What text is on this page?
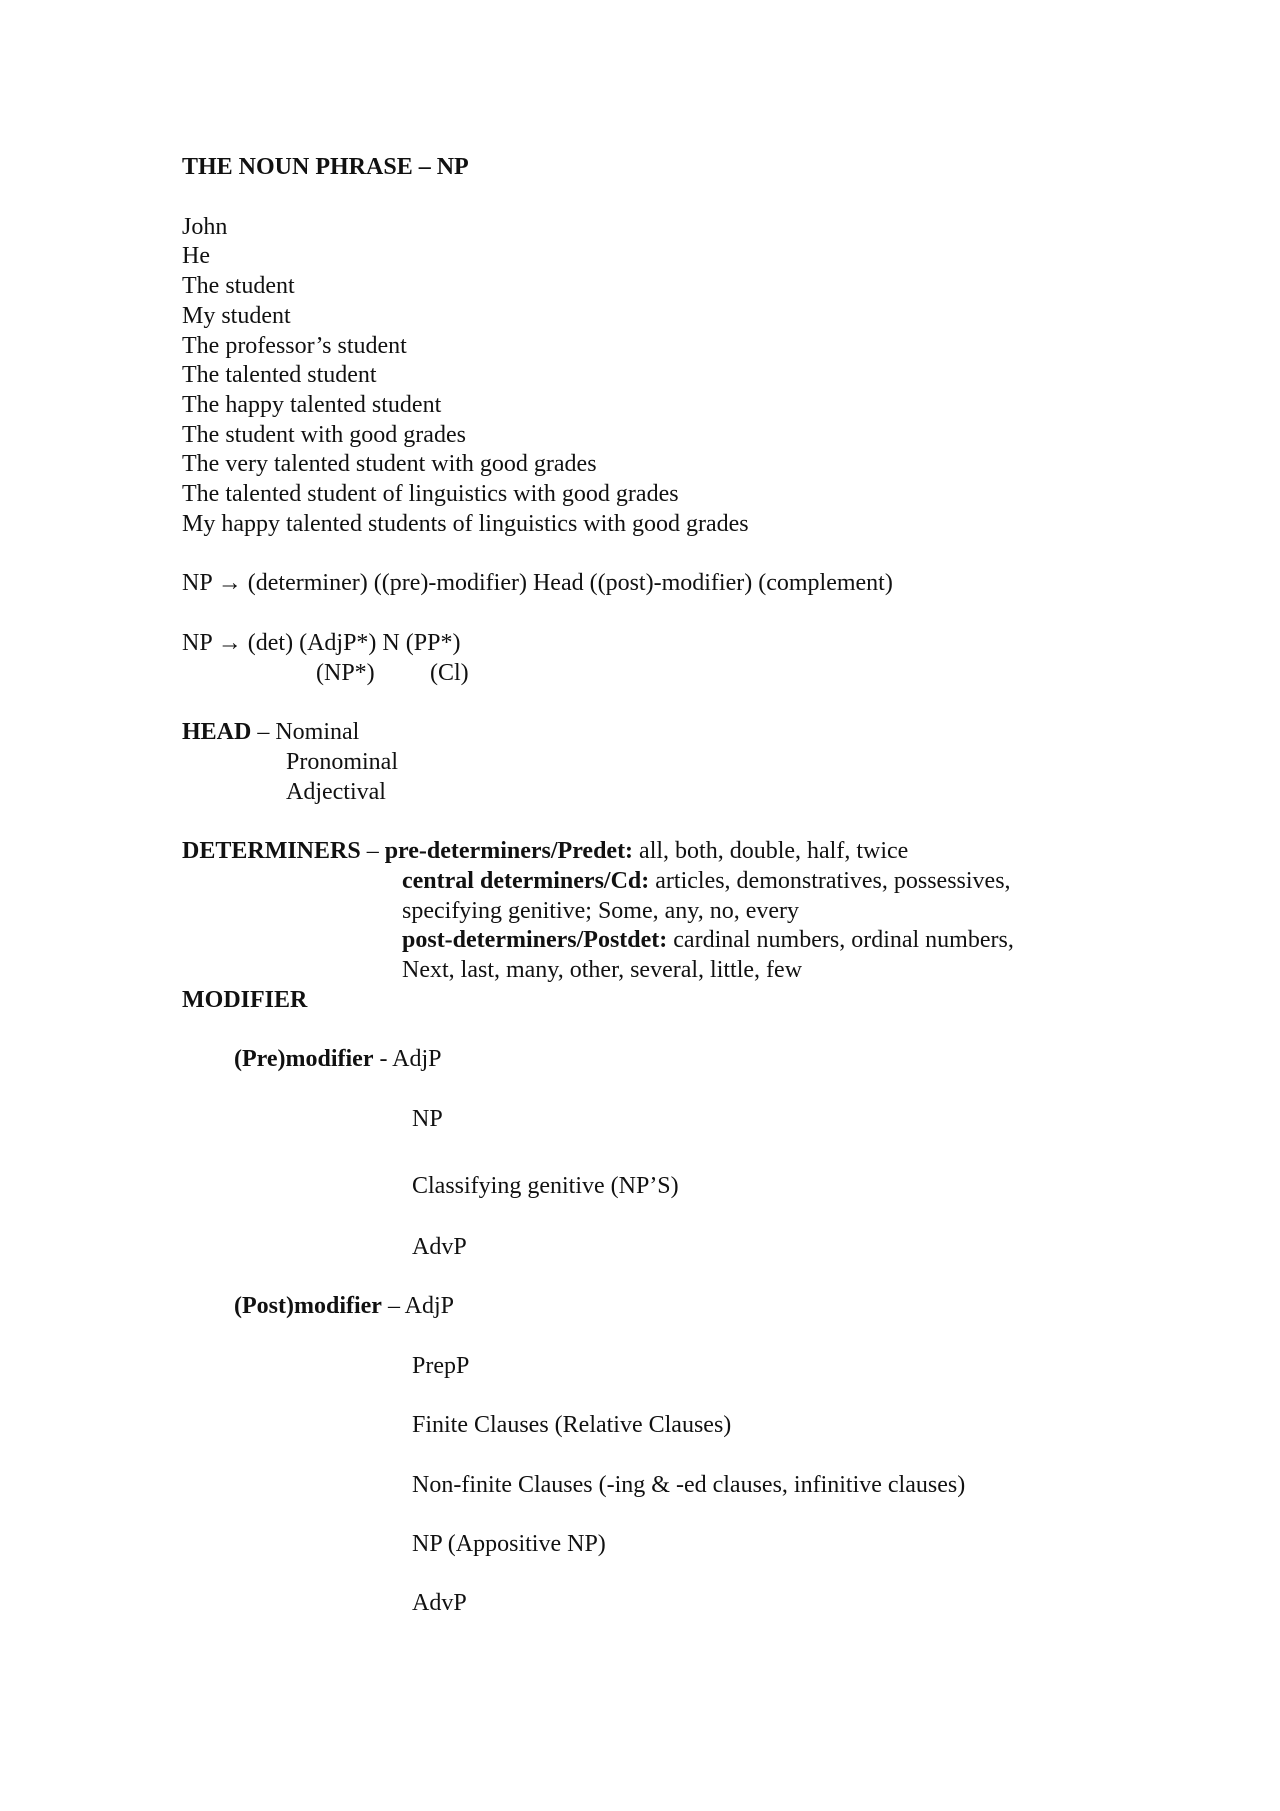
THE NOUN PHRASE – NP
John
He
The student
My student
The professor’s student
The talented student
The happy talented student
The student with good grades
The very talented student with good grades
The talented student of linguistics with good grades
My happy talented students of linguistics with good grades
NP → (determiner) ((pre)-modifier) Head ((post)-modifier) (complement)
NP → (det) (AdjP*) N (PP*)
(NP*) (Cl)
HEAD – Nominal
Pronominal
Adjectival
DETERMINERS – pre-determiners/Predet: all, both, double, half, twice
central determiners/Cd: articles, demonstratives, possessives,
specifying genitive; Some, any, no, every
post-determiners/Postdet: cardinal numbers, ordinal numbers,
Next, last, many, other, several, little, few
MODIFIER
(Pre)modifier - AdjP
NP
Classifying genitive (NP’S)
AdvP
(Post)modifier – AdjP
PrepP
Finite Clauses (Relative Clauses)
Non-finite Clauses (-ing & -ed clauses, infinitive clauses)
NP (Appositive NP)
AdvP
